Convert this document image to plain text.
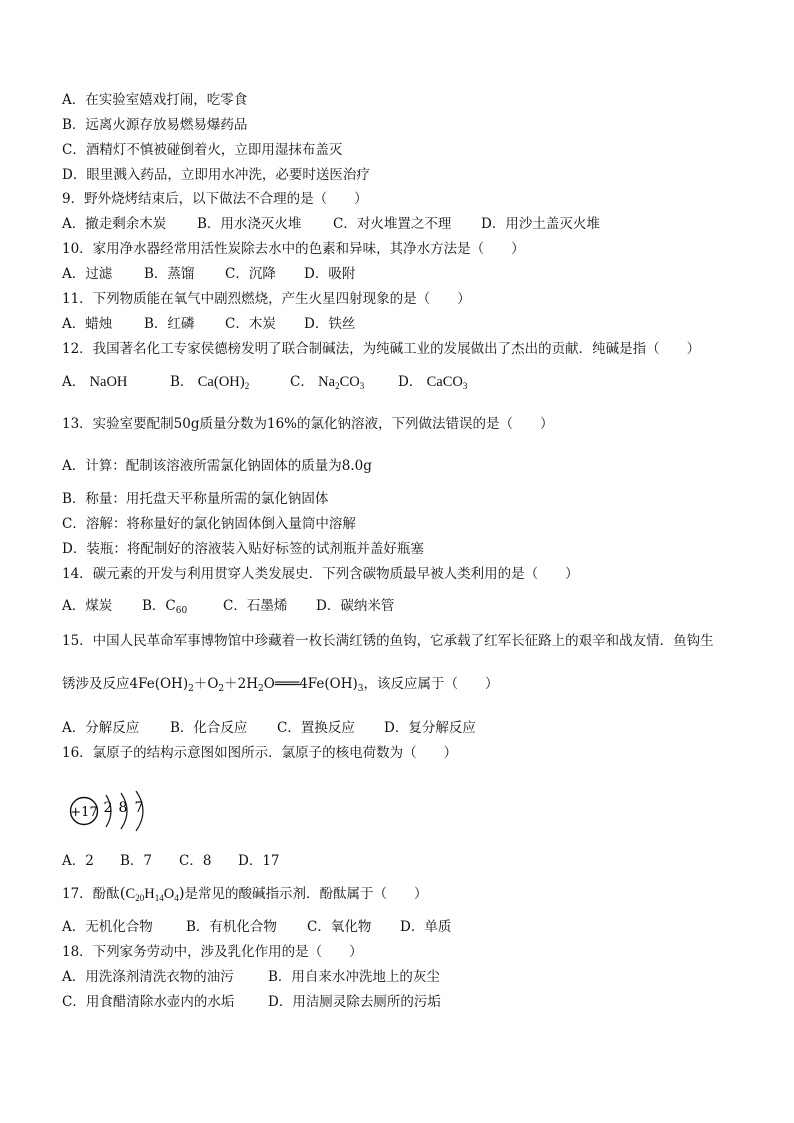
A．在实验室嬉戏打闹，吃零食
B．远离火源存放易燃易爆药品
C．酒精灯不慎被碰倒着火，立即用湿抹布盖灭
D．眼里溅入药品，立即用水冲洗，必要时送医治疗
9．野外烧烤结束后，以下做法不合理的是（　　）
A．撤走剩余木炭 B．用水浇灭火堆 C．对火堆置之不理 D．用沙土盖灭火堆
10．家用净水器经常用活性炭除去水中的色素和异味，其净水方法是（　　）
A．过滤 B．蒸馏 C．沉降 D．吸附
11．下列物质能在氧气中剧烈燃烧，产生火星四射现象的是（　　）
A．蜡烛 B．红磷 C．木炭 D．铁丝
12．我国著名化工专家侯德榜发明了联合制碱法，为纯碱工业的发展做出了杰出的贡献．纯碱是指（　　）
A． NaOH	B． $Ca(OH)_2$	C． $Na_2CO_3$	D． CaCO$_3$
13．实验室要配制50g质量分数为16%的氯化钠溶液，下列做法错误的是（　　）
A．计算：配制该溶液所需氯化钠固体的质量为8.0g
B．称量：用托盘天平称量所需的氯化钠固体
C．溶解：将称量好的氯化钠固体倒入量筒中溶解
D．装瓶：将配制好的溶液装入贴好标签的试剂瓶并盖好瓶塞
14．碳元素的开发与利用贯穿人类发展史．下列含碳物质最早被人类利用的是（　　）
A．煤炭 B．$C_{60}$	C．石墨烯 D．碳纳米管
15．中国人民革命军事博物馆中珍藏着一枚长满红锈的鱼钩，它承载了红军长征路上的艰辛和战友情．鱼钩生
锈涉及反应$4Fe(OH)_2+O_2+2H_2O═══4Fe(OH)_3$，该反应属于（　　）
A．分解反应 B．化合反应 C．置换反应 D．复分解反应
16．氯原子的结构示意图如图所示．氯原子的核电荷数为（　　）
+17 2 8 7
A．2 B．7 C．8 D．17
17．酚酞$(C_{20}H_{14}O_4)$是常见的酸碱指示剂．酚酞属于（　　）
A．无机化合物 B．有机化合物 C．氧化物 D．单质
18．下列家务劳动中，涉及乳化作用的是（　　）
A．用洗涤剂清洗衣物的油污	B．用自来水冲洗地上的灰尘
C．用食醋清除水壶内的水垢 D．用洁厕灵除去厕所的污垢
